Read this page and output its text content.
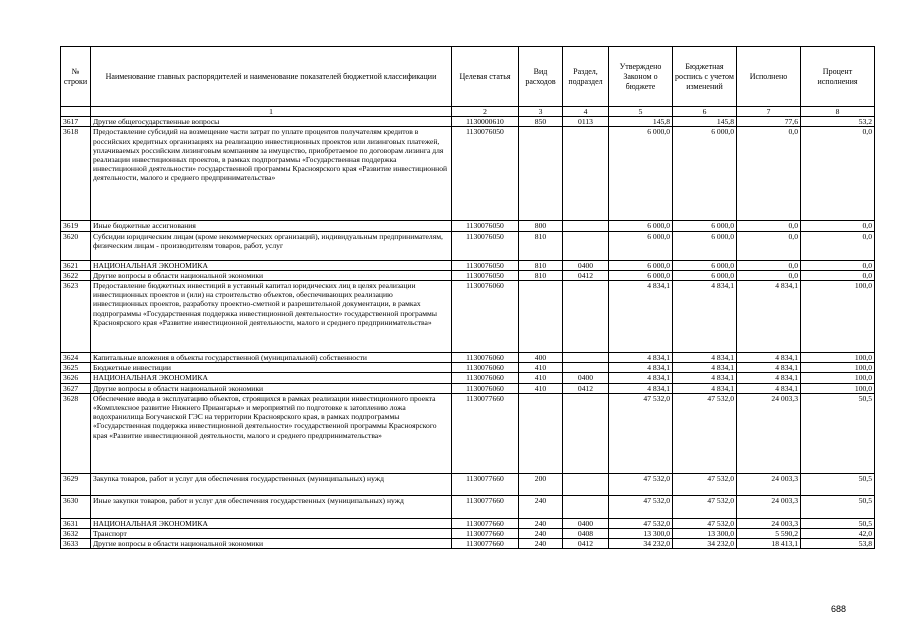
№ строки	Наименование главных распорядителей и наименование показателей бюджетной классификации	Целевая статья	Вид расходов	Раздел, подраздел	Утверждено Законом о бюджете	Бюджетная роспись с учетом изменений	Исполнено	Процент исполнения
	1	2	3	4	5	6	7	8
3617	Другие общегосударственные вопросы	1130000610	850	0113	145,8	145,8	77,6	53,2
3618	Предоставление субсидий на возмещение части затрат по уплате процентов получателям кредитов в российских кредитных организациях на реализацию инвестиционных проектов или лизинговых платежей, уплачиваемых российским лизинговым компаниям за имущество, приобретаемое по договорам лизинга для реализации инвестиционных проектов, в рамках подпрограммы «Государственная поддержка инвестиционной деятельности» государственной программы Красноярского края «Развитие инвестиционной деятельности, малого и среднего предпринимательства»	1130076050			6 000,0	6 000,0	0,0	0,0
3619	Иные бюджетные ассигнования	1130076050	800		6 000,0	6 000,0	0,0	0,0
3620	Субсидии юридическим лицам (кроме некоммерческих организаций), индивидуальным предпринимателям, физическим лицам - производителям товаров, работ, услуг	1130076050	810		6 000,0	6 000,0	0,0	0,0
3621	НАЦИОНАЛЬНАЯ ЭКОНОМИКА	1130076050	810	0400	6 000,0	6 000,0	0,0	0,0
3622	Другие вопросы в области национальной экономики	1130076050	810	0412	6 000,0	6 000,0	0,0	0,0
3623	Предоставление бюджетных инвестиций в уставный капитал юридических лиц в целях реализации инвестиционных проектов и (или) на строительство объектов, обеспечивающих реализацию инвестиционных проектов, разработку проектно-сметной и разрешительной документации, в рамках подпрограммы «Государственная поддержка инвестиционной деятельности» государственной программы Красноярского края «Развитие инвестиционной деятельности, малого и среднего предпринимательства»	1130076060			4 834,1	4 834,1	4 834,1	100,0
3624	Капитальные вложения в объекты государственной (муниципальной) собственности	1130076060	400		4 834,1	4 834,1	4 834,1	100,0
3625	Бюджетные инвестиции	1130076060	410		4 834,1	4 834,1	4 834,1	100,0
3626	НАЦИОНАЛЬНАЯ ЭКОНОМИКА	1130076060	410	0400	4 834,1	4 834,1	4 834,1	100,0
3627	Другие вопросы в области национальной экономики	1130076060	410	0412	4 834,1	4 834,1	4 834,1	100,0
3628	Обеспечение ввода в эксплуатацию объектов, строящихся в рамках реализации инвестиционного проекта «Комплексное развитие Нижнего Приангарья» и мероприятий по подготовке к затоплению ложа водохранилища Богучанской ГЭС на территории Красноярского края, в рамках подпрограммы «Государственная поддержка инвестиционной деятельности» государственной программы Красноярского края «Развитие инвестиционной деятельности, малого и среднего предпринимательства»	1130077660			47 532,0	47 532,0	24 003,3	50,5
3629	Закупка товаров, работ и услуг для обеспечения государственных (муниципальных) нужд	1130077660	200		47 532,0	47 532,0	24 003,3	50,5
3630	Иные закупки товаров, работ и услуг для обеспечения государственных (муниципальных) нужд	1130077660	240		47 532,0	47 532,0	24 003,3	50,5
3631	НАЦИОНАЛЬНАЯ ЭКОНОМИКА	1130077660	240	0400	47 532,0	47 532,0	24 003,3	50,5
3632	Транспорт	1130077660	240	0408	13 300,0	13 300,0	5 590,2	42,0
3633	Другие вопросы в области национальной экономики	1130077660	240	0412	34 232,0	34 232,0	18 413,1	53,8
688
